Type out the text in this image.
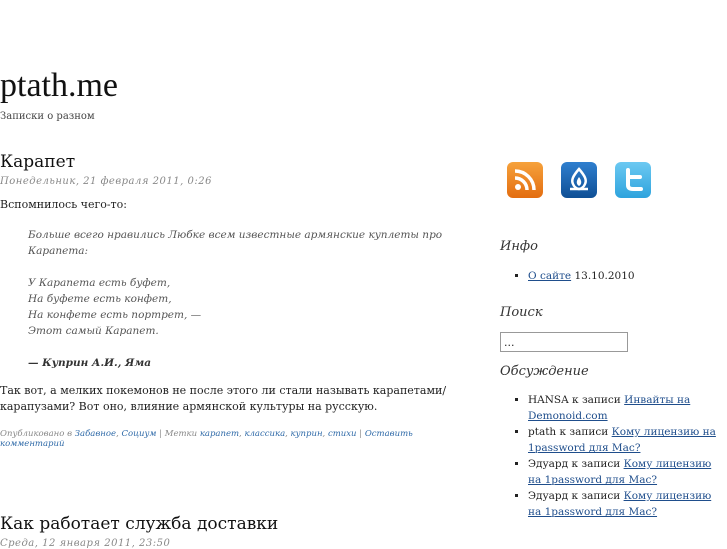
ptath.me
Записки о разном
Карапет
Понедельник, 21 февраля 2011, 0:26

Вспомнилось чего-то:

Больше всего нравились Любке всем известные армянские куплеты про Карапета:
У Карапета есть буфет,
На буфете есть конфет,
На конфете есть портрет, —
Этот самый Карапет.
— Куприн А.И., Яма

Так вот, а мелких покемонов не после этого ли стали называть карапетами/карапузами? Вот оно, влияние армянской культуры на русскую.

Опубликовано в Забавное, Социум | Метки карапет, классика, куприн, стихи | Оставить комментарий
Как работает служба доставки
Среда, 12 января 2011, 23:50
Инфо
▪ О сайте 13.10.2010
Поиск
...
Обсуждение
▪ HANSA к записи Инвайты на Demonoid.com
▪ ptath к записи Кому лицензию на 1password для Mac?
▪ Эдуард к записи Кому лицензию на 1password для Mac?
▪ Эдуард к записи Кому лицензию на 1password для Mac?
